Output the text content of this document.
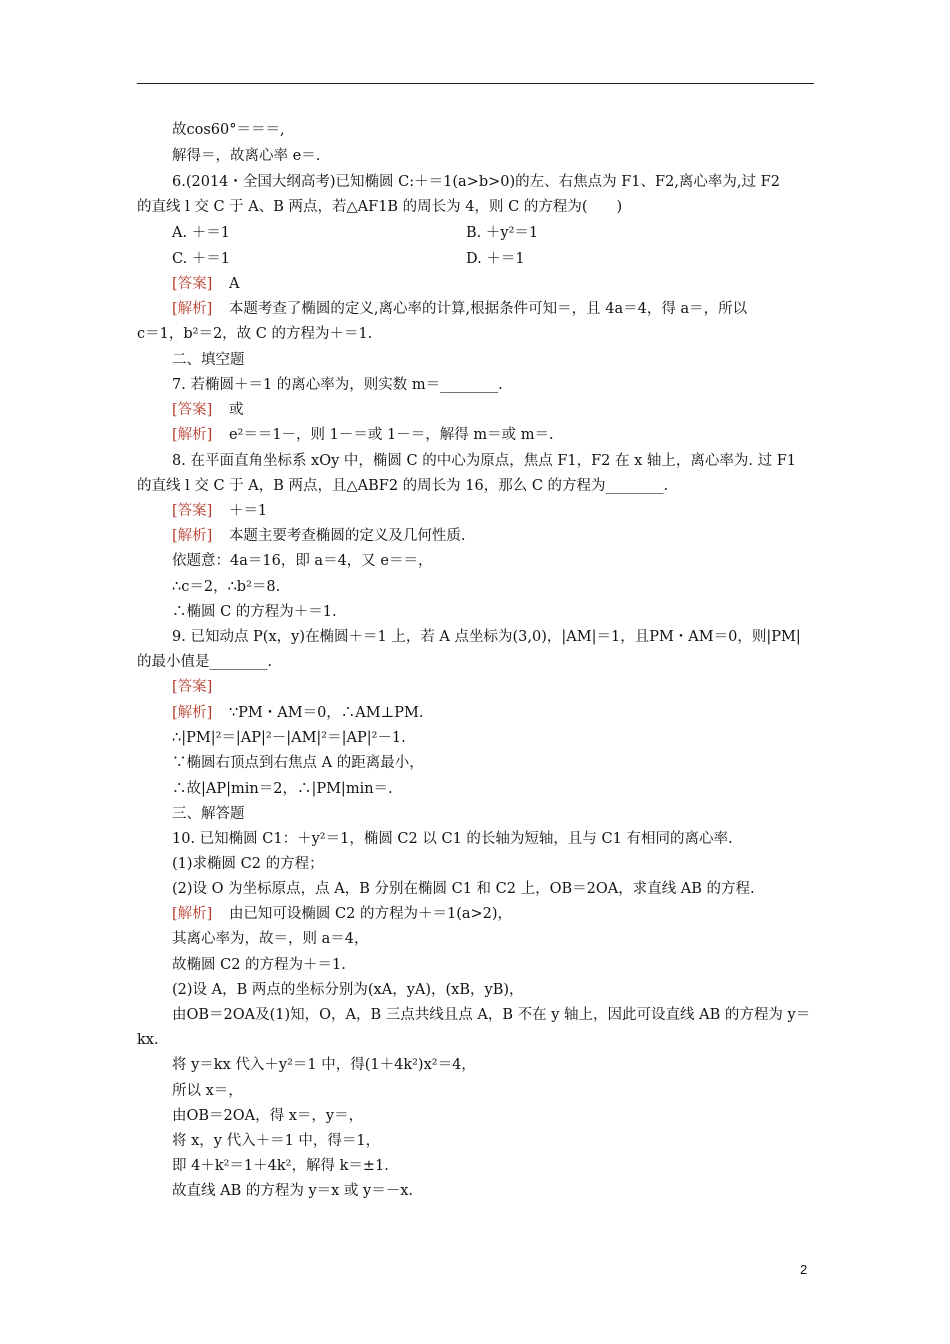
故cos60°＝＝＝,
解得＝，故离心率 e＝.
6.(2014・全国大纲高考)已知椭圆 C:＋＝1(a>b>0)的左、右焦点为 F1、F2,离心率为,过 F2
的直线 l 交 C 于 A、B 两点，若△AF1B 的周长为 4，则 C 的方程为(　　)
A. ＋＝1	B. ＋y²＝1
C. ＋＝1	D. ＋＝1
[答案] A
[解析] 本题考查了椭圆的定义,离心率的计算,根据条件可知＝，且 4a＝4，得 a＝，所以
c＝1，b²＝2，故 C 的方程为＋＝1.
二、填空题
7. 若椭圆＋＝1 的离心率为，则实数 m＝________.
[答案] 或
[解析] e²＝＝1－，则 1－＝或 1－＝，解得 m＝或 m＝.
8. 在平面直角坐标系 xOy 中，椭圆 C 的中心为原点，焦点 F1，F2 在 x 轴上，离心率为. 过 F1
的直线 l 交 C 于 A，B 两点，且△ABF2 的周长为 16，那么 C 的方程为________.
[答案] ＋＝1
[解析] 本题主要考查椭圆的定义及几何性质.
依题意：4a＝16，即 a＝4，又 e＝＝，
∴c＝2，∴b²＝8.
∴椭圆 C 的方程为＋＝1.
9. 已知动点 P(x，y)在椭圆＋＝1 上，若 A 点坐标为(3,0)，|AM|＝1，且PM・AM＝0，则|PM|
的最小值是________.
[答案]
[解析] ∵PM・AM＝0，∴AM⊥PM.
∴|PM|²＝|AP|²－|AM|²＝|AP|²－1.
∵椭圆右顶点到右焦点 A 的距离最小，
∴故|AP|min＝2，∴|PM|min＝.
三、解答题
10. 已知椭圆 C1：＋y²＝1，椭圆 C2 以 C1 的长轴为短轴，且与 C1 有相同的离心率.
(1)求椭圆 C2 的方程；
(2)设 O 为坐标原点，点 A，B 分别在椭圆 C1 和 C2 上，OB＝2OA，求直线 AB 的方程.
[解析] 由已知可设椭圆 C2 的方程为＋＝1(a>2)，
其离心率为，故＝，则 a＝4，
故椭圆 C2 的方程为＋＝1.
(2)设 A，B 两点的坐标分别为(xA，yA)，(xB，yB)，
由OB＝2OA及(1)知，O，A，B 三点共线且点 A，B 不在 y 轴上，因此可设直线 AB 的方程为 y＝
kx.
将 y＝kx 代入＋y²＝1 中，得(1＋4k²)x²＝4，
所以 x＝，
由OB＝2OA，得 x＝，y＝，
将 x，y 代入＋＝1 中，得＝1，
即 4＋k²＝1＋4k²，解得 k＝±1.
故直线 AB 的方程为 y＝x 或 y＝－x.
2
